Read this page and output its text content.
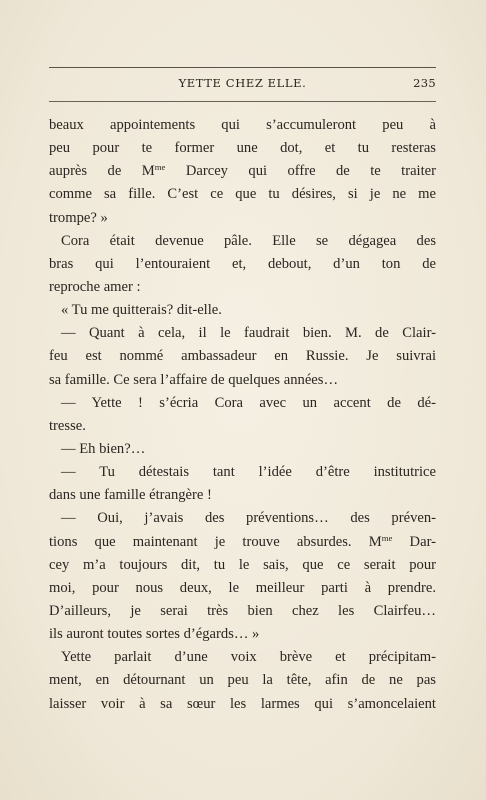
YETTE CHEZ ELLE.	235
beaux appointements qui s’accumuleront peu à
peu pour te former une dot, et tu resteras
auprès de $M^{me}$ Darcey qui offre de te traiter
comme sa fille. C’est ce que tu désires, si je ne me
trompe? »
Cora était devenue pâle. Elle se dégagea des
bras qui l’entouraient et, debout, d’un ton de
reproche amer :
« Tu me quitterais? dit-elle.
— Quant à cela, il le faudrait bien. M. de Clair-
feu est nommé ambassadeur en Russie. Je suivrai
sa famille. Ce sera l’affaire de quelques années…
— Yette ! s’écria Cora avec un accent de dé-
tresse.
— Eh bien?…
— Tu détestais tant l’idée d’être institutrice
dans une famille étrangère !
— Oui, j’avais des préventions… des préven-
tions que maintenant je trouve absurdes. $M^{me}$ Dar-
cey m’a toujours dit, tu le sais, que ce serait pour
moi, pour nous deux, le meilleur parti à prendre.
D’ailleurs, je serai très bien chez les Clairfeu…
ils auront toutes sortes d’égards… »
Yette parlait d’une voix brève et précipitam-
ment, en détournant un peu la tête, afin de ne pas
laisser voir à sa sœur les larmes qui s’amoncelaient
